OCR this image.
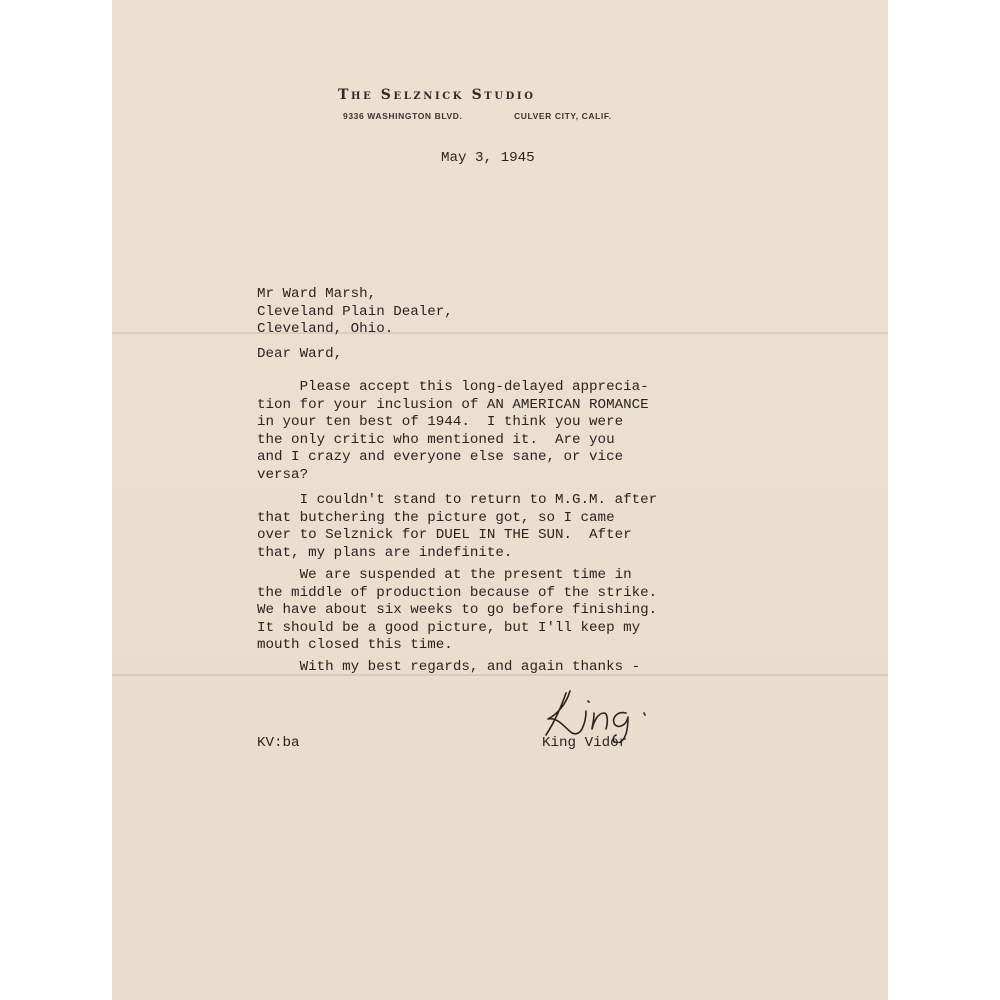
The Selznick Studio
9336 WASHINGTON BLVD.	CULVER CITY, CALIF.
May 3, 1945
Mr Ward Marsh,
Cleveland Plain Dealer,
Cleveland, Ohio.
Dear Ward,
Please accept this long-delayed apprecia-
tion for your inclusion of AN AMERICAN ROMANCE
in your ten best of 1944.  I think you were
the only critic who mentioned it.  Are you
and I crazy and everyone else sane, or vice
versa?
I couldn't stand to return to M.G.M. after
that butchering the picture got, so I came
over to Selznick for DUEL IN THE SUN.  After
that, my plans are indefinite.
We are suspended at the present time in
the middle of production because of the strike.
We have about six weeks to go before finishing.
It should be a good picture, but I'll keep my
mouth closed this time.
With my best regards, and again thanks -
KV:ba	King Vidor
